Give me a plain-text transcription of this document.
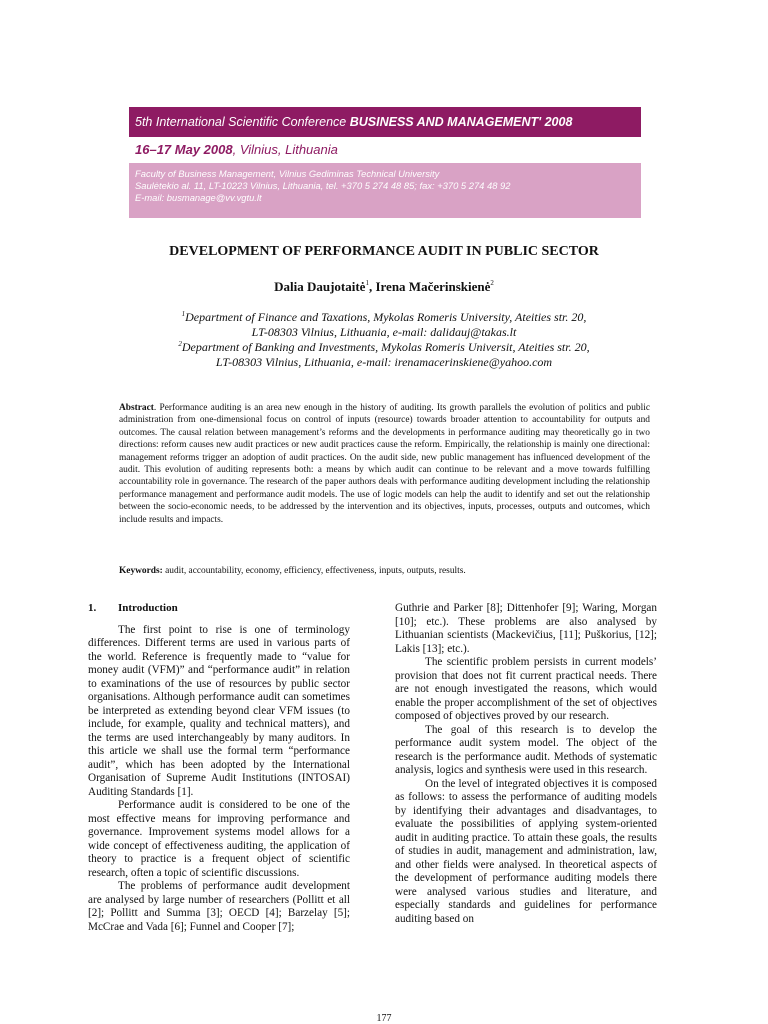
5th International Scientific Conference BUSINESS AND MANAGEMENT' 2008
16–17 May 2008, Vilnius, Lithuania
Faculty of Business Management, Vilnius Gediminas Technical University
Saulėtekio al. 11, LT-10223 Vilnius, Lithuania, tel. +370 5 274 48 85; fax: +370 5 274 48 92
E-mail: busmanage@vv.vgtu.lt
DEVELOPMENT OF PERFORMANCE AUDIT IN PUBLIC SECTOR
Dalia Daujotaitė$^1$, Irena Mačerinskienė$^2$
$^1$Department of Finance and Taxations, Mykolas Romeris University, Ateities str. 20,
LT-08303 Vilnius, Lithuania, e-mail: dalidauj@takas.lt
$^2$Department of Banking and Investments, Mykolas Romeris Universit, Ateities str. 20,
LT-08303 Vilnius, Lithuania, e-mail: irenamacerinskiene@yahoo.com
Abstract. Performance auditing is an area new enough in the history of auditing. Its growth parallels the evolution of politics and public administration from one-dimensional focus on control of inputs (resource) towards broader attention to accountability for outputs and outcomes. The causal relation between management’s reforms and the developments in performance auditing may theoretically go in two directions: reform causes new audit practices or new audit practices cause the reform. Empirically, the relationship is mainly one directional: management reforms trigger an adoption of audit practices. On the audit side, new public management has influenced development of the audit. This evolution of auditing represents both: a means by which audit can continue to be relevant and a move towards fulfilling accountability role in governance. The research of the paper authors deals with performance auditing development including the relationship performance management and performance audit models. The use of logic models can help the audit to identify and set out the relationship between the socio-economic needs, to be addressed by the intervention and its objectives, inputs, processes, outputs and outcomes, which include results and impacts.
Keywords: audit, accountability, economy, efficiency, effectiveness, inputs, outputs, results.
1. Introduction

The first point to rise is one of terminology differences. Different terms are used in various parts of the world. Reference is frequently made to “value for money audit (VFM)” and “performance audit” in relation to examinations of the use of resources by public sector organisations. Although performance audit can sometimes be interpreted as extending beyond clear VFM issues (to include, for example, quality and technical matters), and the terms are used interchangeably by many auditors. In this article we shall use the formal term “performance audit”, which has been adopted by the International Organisation of Supreme Audit Institutions (INTOSAI) Auditing Standards [1].

Performance audit is considered to be one of the most effective means for improving performance and governance. Improvement systems model allows for a wide concept of effectiveness auditing, the application of theory to practice is a frequent object of scientific research, often a topic of scientific discussions.

The problems of performance audit development are analysed by large number of researchers (Pollitt et all [2]; Pollitt and Summa [3]; OECD [4]; Barzelay [5]; McCrae and Vada [6]; Funnel and Cooper [7];

Guthrie and Parker [8]; Dittenhofer [9]; Waring, Morgan [10]; etc.). These problems are also analysed by Lithuanian scientists (Mackevičius, [11]; Puškorius, [12]; Lakis [13]; etc.).

The scientific problem persists in current models’ provision that does not fit current practical needs. There are not enough investigated the reasons, which would enable the proper accomplishment of the set of objectives composed of objectives proved by our research.

The goal of this research is to develop the performance audit system model. The object of the research is the performance audit. Methods of systematic analysis, logics and synthesis were used in this research.

On the level of integrated objectives it is composed as follows: to assess the performance of auditing models by identifying their advantages and disadvantages, to evaluate the possibilities of applying system-oriented audit in auditing practice. To attain these goals, the results of studies in audit, management and administration, law, and other fields were analysed. In theoretical aspects of the development of performance auditing models there were analysed various studies and literature, and especially standards and guidelines for performance auditing based on

177
